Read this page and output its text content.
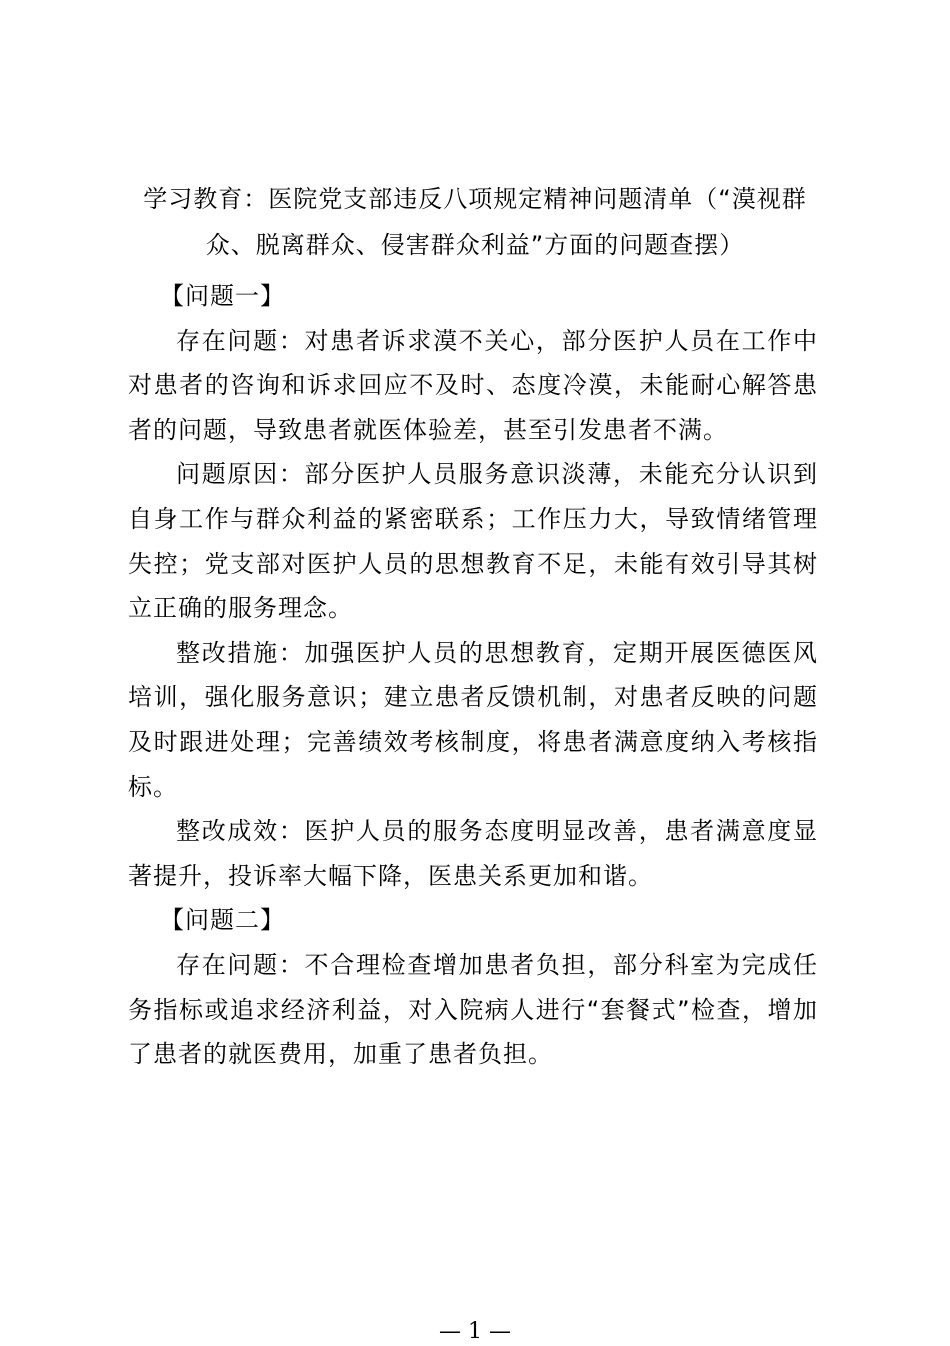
学习教育：医院党支部违反八项规定精神问题清单（“漠视群
众、脱离群众、侵害群众利益”方面的问题查摆）

【问题一】

存在问题：对患者诉求漠不关心，部分医护人员在工作中对患者的咨询和诉求回应不及时、态度冷漠，未能耐心解答患者的问题，导致患者就医体验差，甚至引发患者不满。

问题原因：部分医护人员服务意识淡薄，未能充分认识到自身工作与群众利益的紧密联系；工作压力大，导致情绪管理失控；党支部对医护人员的思想教育不足，未能有效引导其树立正确的服务理念。

整改措施：加强医护人员的思想教育，定期开展医德医风培训，强化服务意识；建立患者反馈机制，对患者反映的问题及时跟进处理；完善绩效考核制度，将患者满意度纳入考核指标。

整改成效：医护人员的服务态度明显改善，患者满意度显著提升，投诉率大幅下降，医患关系更加和谐。

【问题二】

存在问题：不合理检查增加患者负担，部分科室为完成任务指标或追求经济利益，对入院病人进行“套餐式”检查，增加了患者的就医费用，加重了患者负担。

— 1 —
